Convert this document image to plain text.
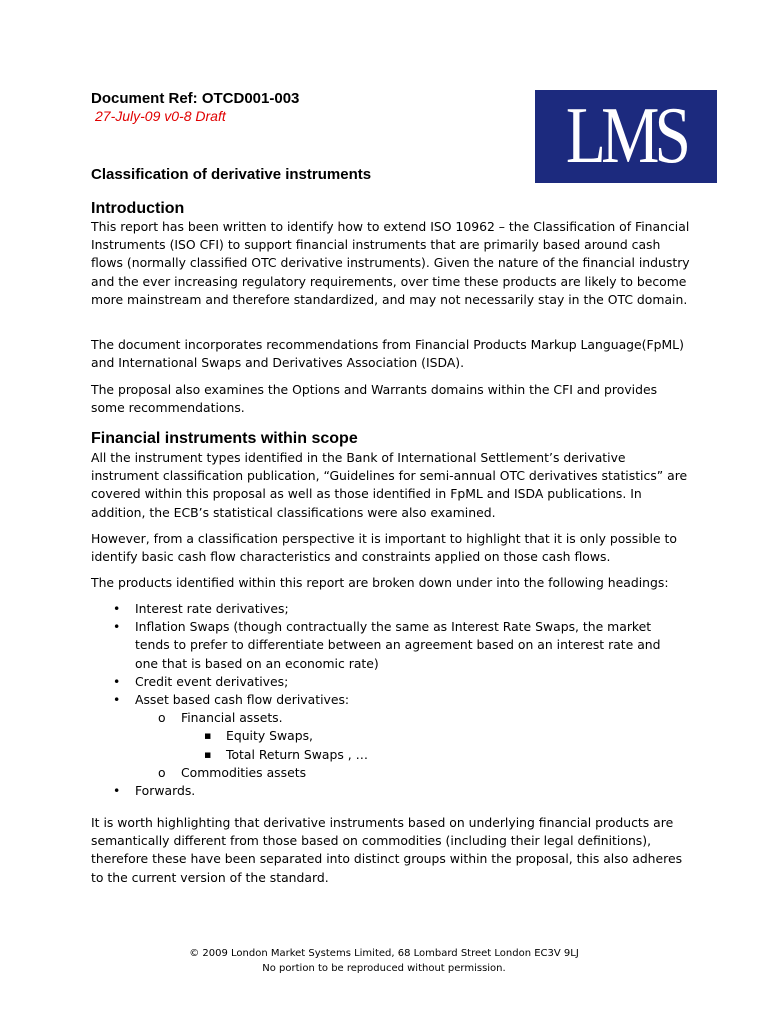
Document Ref: OTCD001-003
27-July-09 v0-8 Draft	LMS
Classification of derivative instruments
Introduction

This report has been written to identify how to extend ISO 10962 – the Classification of Financial Instruments (ISO CFI) to support financial instruments that are primarily based around cash flows (normally classified OTC derivative instruments). Given the nature of the financial industry and the ever increasing regulatory requirements, over time these products are likely to become more mainstream and therefore standardized, and may not necessarily stay in the OTC domain.

The document incorporates recommendations from Financial Products Markup Language(FpML) and International Swaps and Derivatives Association (ISDA).

The proposal also examines the Options and Warrants domains within the CFI and provides some recommendations.

Financial instruments within scope

All the instrument types identified in the Bank of International Settlement’s derivative instrument classification publication, “Guidelines for semi-annual OTC derivatives statistics” are covered within this proposal as well as those identified in FpML and ISDA publications. In addition, the ECB’s statistical classifications were also examined.

However, from a classification perspective it is important to highlight that it is only possible to identify basic cash flow characteristics and constraints applied on those cash flows.

The products identified within this report are broken down under into the following headings:

• Interest rate derivatives;
• Inflation Swaps (though contractually the same as Interest Rate Swaps, the market tends to prefer to differentiate between an agreement based on an interest rate and one that is based on an economic rate)
• Credit event derivatives;
• Asset based cash flow derivatives:
o Financial assets.
▪ Equity Swaps,
▪ Total Return Swaps , …
o Commodities assets
• Forwards.

It is worth highlighting that derivative instruments based on underlying financial products are semantically different from those based on commodities (including their legal definitions), therefore these have been separated into distinct groups within the proposal, this also adheres to the current version of the standard.

© 2009 London Market Systems Limited, 68 Lombard Street London EC3V 9LJ
No portion to be reproduced without permission.
